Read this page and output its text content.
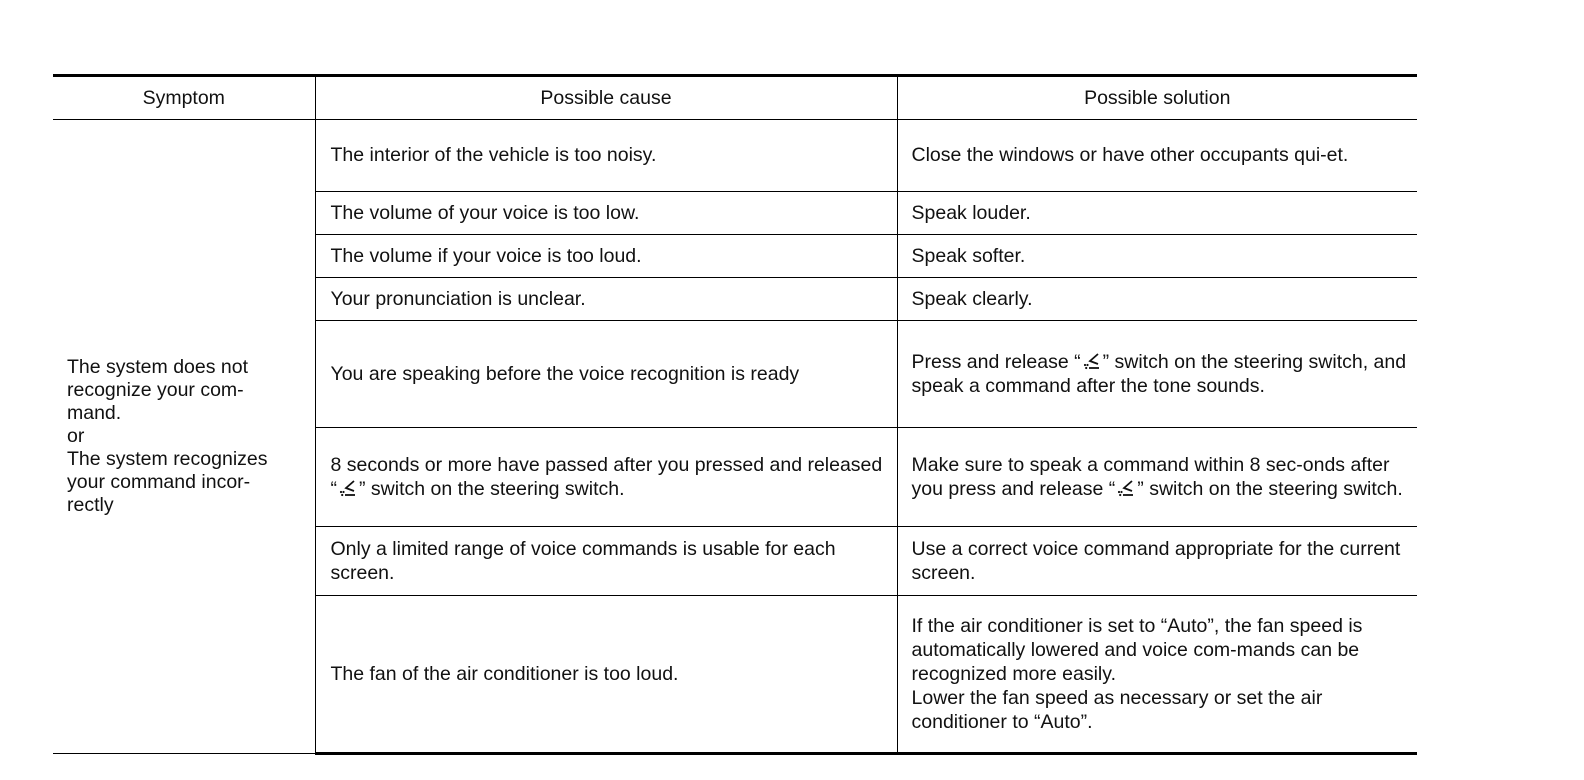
Symptom	Possible cause	Possible solution

The system does not recognize your com-
mand.
or
The system recognizes your command incor-
rectly	The interior of the vehicle is too noisy.	Close the windows or have other occupants qui-et.
	The volume of your voice is too low.	Speak louder.
	The volume if your voice is too loud.	Speak softer.
	Your pronunciation is unclear.	Speak clearly.
	You are speaking before the voice recognition is ready	Press and release “ ” switch on the steering switch, and speak a command after the tone sounds.
	8 seconds or more have passed after you pressed and released “ ” switch on the steering switch.	Make sure to speak a command within 8 sec-onds after you press and release “ ” switch on the steering switch.
	Only a limited range of voice commands is usable for each screen.	Use a correct voice command appropriate for the current screen.
	The fan of the air conditioner is too loud.	If the air conditioner is set to “Auto”, the fan speed is automatically lowered and voice com-mands can be recognized more easily.
Lower the fan speed as necessary or set the air conditioner to “Auto”.
